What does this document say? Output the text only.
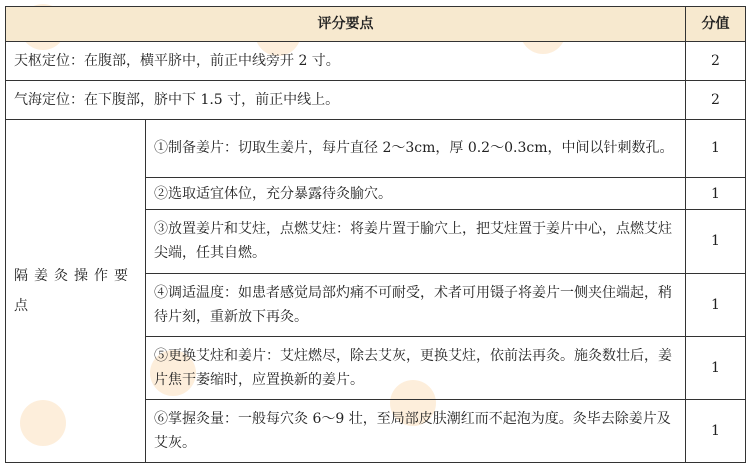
评分要点		分值
天枢定位：在腹部，横平脐中，前正中线旁开 2 寸。		2
气海定位：在下腹部，脐中下 1.5 寸，前正中线上。		2
隔姜灸操作要点	①制备姜片：切取生姜片，每片直径 2～3cm，厚 0.2～0.3cm，中间以针刺数孔。	1
	②选取适宜体位，充分暴露待灸腧穴。	1
	③放置姜片和艾炷，点燃艾炷：将姜片置于腧穴上，把艾炷置于姜片中心，点燃艾炷尖端，任其自燃。	1
	④调适温度：如患者感觉局部灼痛不可耐受，术者可用镊子将姜片一侧夹住端起，稍待片刻，重新放下再灸。	1
	⑤更换艾炷和姜片：艾炷燃尽，除去艾灰，更换艾炷，依前法再灸。施灸数壮后，姜片焦干萎缩时，应置换新的姜片。	1
	⑥掌握灸量：一般每穴灸 6～9 壮，至局部皮肤潮红而不起泡为度。灸毕去除姜片及艾灰。	1
